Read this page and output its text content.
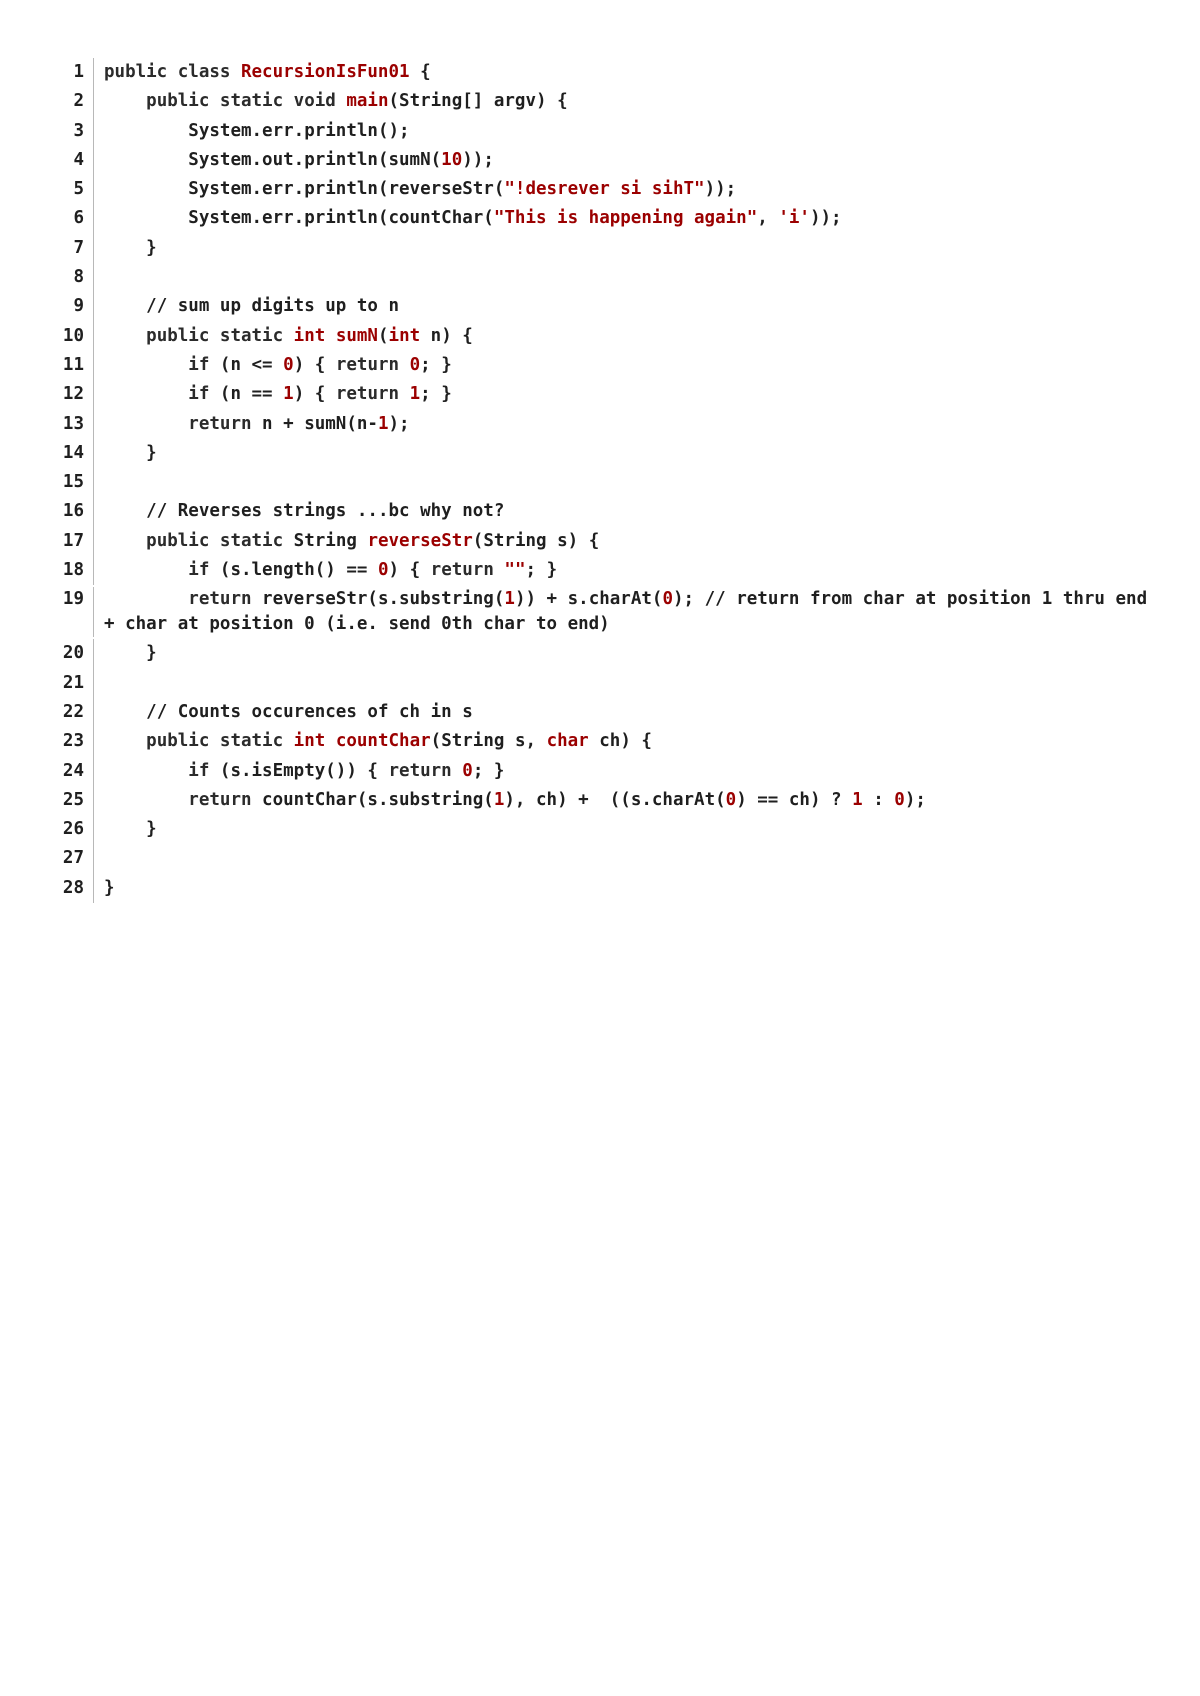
1	public class RecursionIsFun01 {
2	public static void main(String[] argv) {
3	System.err.println();
4	System.out.println(sumN(10));
5	System.err.println(reverseStr("!desrever si sihT"));
6	System.err.println(countChar("This is happening again", 'i'));
7	}
8
9	// sum up digits up to n
10	public static int sumN(int n) {
11	if (n <= 0) { return 0; }
12	if (n == 1) { return 1; }
13	return n + sumN(n-1);
14	}
15
16	// Reverses strings ...bc why not?
17	public static String reverseStr(String s) {
18	if (s.length() == 0) { return ""; }
19	return reverseStr(s.substring(1)) + s.charAt(0); // return from char at position 1 thru end + char at position 0 (i.e. send 0th char to end)
20	}
21
22	// Counts occurences of ch in s
23	public static int countChar(String s, char ch) {
24	if (s.isEmpty()) { return 0; }
25	return countChar(s.substring(1), ch) +  ((s.charAt(0) == ch) ? 1 : 0);
26	}
27
28	}
